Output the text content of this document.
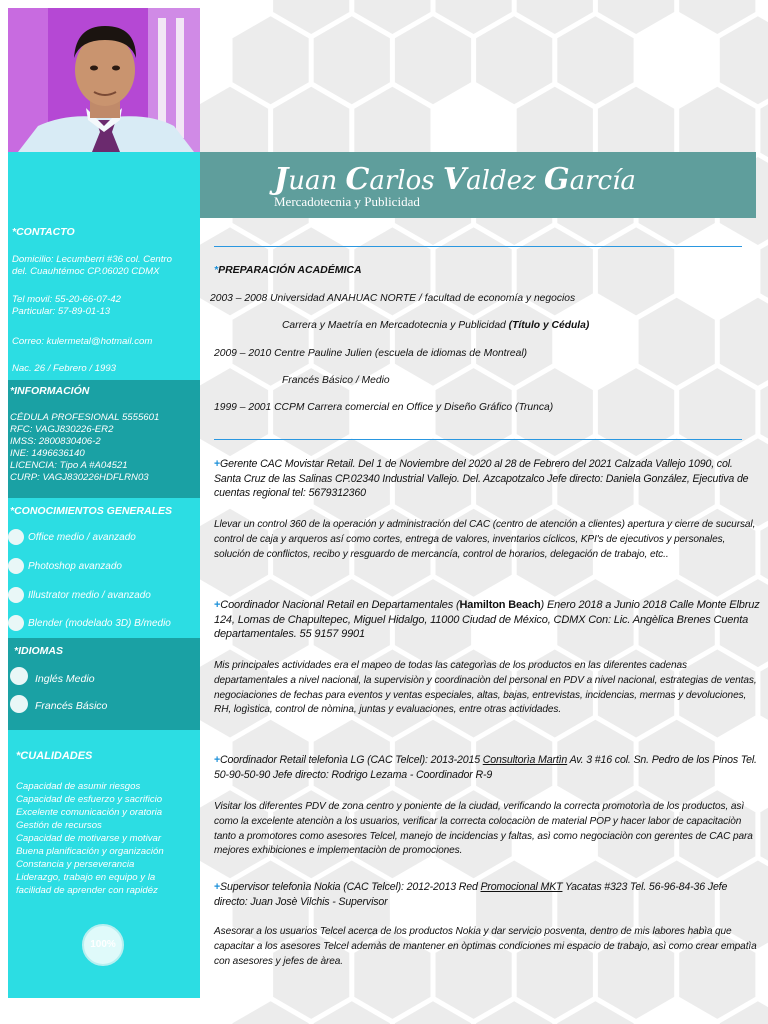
Juan Carlos Valdez García
Mercadotecnia y Publicidad
*CONTACTO
Domicilio: Lecumberri #36 col. Centro
del. Cuauhtémoc CP.06020 CDMX
Tel movil: 55-20-66-07-42
Particular: 57-89-01-13
Correo: kulermetal@hotmail.com
Nac. 26 / Febrero / 1993
*INFORMACIÓN
CÉDULA PROFESIONAL 5555601
RFC: VAGJ830226-ER2
IMSS: 2800830406-2
INE: 1496636140
LICENCIA: Tipo A #A04521
CURP: VAGJ830226HDFLRN03
*CONOCIMIENTOS GENERALES
Office medio / avanzado
Photoshop avanzado
Illustrator medio / avanzado
Blender (modelado 3D) B/medio
*IDIOMAS
Inglés Medio
Francés Básico
*CUALIDADES
Capacidad de asumir riesgos
Capacidad de esfuerzo y sacrificio
Excelente comunicación y oratoria
Gestión de recursos
Capacidad de motivarse y motivar
Buena planificación y organización
Constancia y perseverancia
Liderazgo, trabajo en equipo y la
facilidad de aprender con rapidéz
100%
*PREPARACIÓN ACADÉMICA
2003 – 2008 Universidad ANAHUAC NORTE / facultad de economía y negocios
Carrera y Maetría en Mercadotecnia y Publicidad (Título y Cédula)
2009 – 2010 Centre Pauline Julien (escuela de idiomas de Montreal)
Francés Básico / Medio
1999 – 2001 CCPM Carrera comercial en Office y Diseño Gráfico (Trunca)
+Gerente CAC Movistar Retail. Del 1 de Noviembre del 2020 al 28 de Febrero del 2021 Calzada Vallejo 1090, col. Santa Cruz de las Salinas CP.02340 Industrial Vallejo. Del. Azcapotzalco Jefe directo: Daniela González, Ejecutiva de cuentas regional tel: 5679312360
Llevar un control 360 de la operación y administración del CAC (centro de atención a clientes) apertura y cierre de sucursal, control de caja y arqueros así como cortes, entrega de valores, inventarios cíclicos, KPI's de ejecutivos y personales, solución de conflictos, recibo y resguardo de mercancía, control de horarios, delegación de trabajo, etc..
+Coordinador Nacional Retail en Departamentales (Hamilton Beach) Enero 2018 a Junio 2018 Calle Monte Elbruz 124, Lomas de Chapultepec, Miguel Hidalgo, 11000 Ciudad de México, CDMX Con: Lic. Angèlica Brenes Cuenta departamentales. 55 9157 9901
Mis principales actividades era el mapeo de todas las categorìas de los productos en las diferentes cadenas departamentales a nivel nacional, la supervisiòn y coordinaciòn del personal en PDV a nivel nacional, estrategias de ventas, negociaciones de fechas para eventos y ventas especiales, altas, bajas, entrevistas, incidencias, mermas y devoluciones, RH, logìstica, control de nòmina, juntas y evaluaciones, entre otras actividades.
+Coordinador Retail telefonìa LG (CAC Telcel): 2013-2015 Consultorìa Martìn Av. 3 #16 col. Sn. Pedro de los Pinos Tel. 50-90-50-90 Jefe directo: Rodrigo Lezama - Coordinador R-9
Visitar los diferentes PDV de zona centro y poniente de la ciudad, verificando la correcta promotorìa de los productos, asì como la excelente atenciòn a los usuarios, verificar la correcta colocaciòn de material POP y hacer labor de capacitaciòn tanto a promotores como asesores Telcel, manejo de incidencias y faltas, asì como negociaciòn con gerentes de CAC para mejores exhibiciones e implementaciòn de promociones.
+Supervisor telefonìa Nokia (CAC Telcel): 2012-2013 Red Promocional MKT Yacatas #323 Tel. 56-96-84-36 Jefe directo: Juan Josè Vilchis - Supervisor
Asesorar a los usuarios Telcel acerca de los productos Nokia y dar servicio posventa, dentro de mis labores habìa que capacitar a los asesores Telcel ademàs de mantener en òptimas condiciones mi espacio de trabajo, asì como crear empatìa con asesores y jefes de àrea.
